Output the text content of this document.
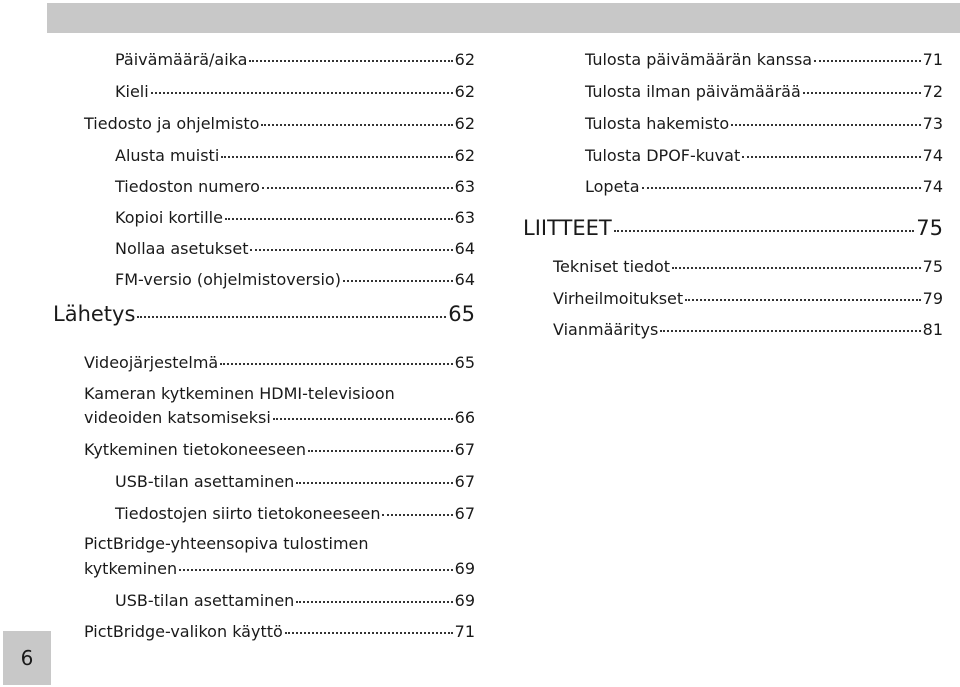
6
Päivämäärä/aika	62
Kieli	62
Tiedosto ja ohjelmisto	62
Alusta muisti	62
Tiedoston numero	63
Kopioi kortille	63
Nollaa asetukset	64
FM-versio (ohjelmistoversio)	64
Lähetys	65
Videojärjestelmä	65
Kameran kytkeminen HDMI-televisioon
videoiden katsomiseksi	66
Kytkeminen tietokoneeseen	67
USB-tilan asettaminen	67
Tiedostojen siirto tietokoneeseen	67
PictBridge-yhteensopiva tulostimen
kytkeminen	69
USB-tilan asettaminen	69
PictBridge-valikon käyttö	71
Tulosta päivämäärän kanssa	71
Tulosta ilman päivämäärää	72
Tulosta hakemisto	73
Tulosta DPOF-kuvat	74
Lopeta	74
LIITTEET	75
Tekniset tiedot	75
Virheilmoitukset	79
Vianmääritys	81
